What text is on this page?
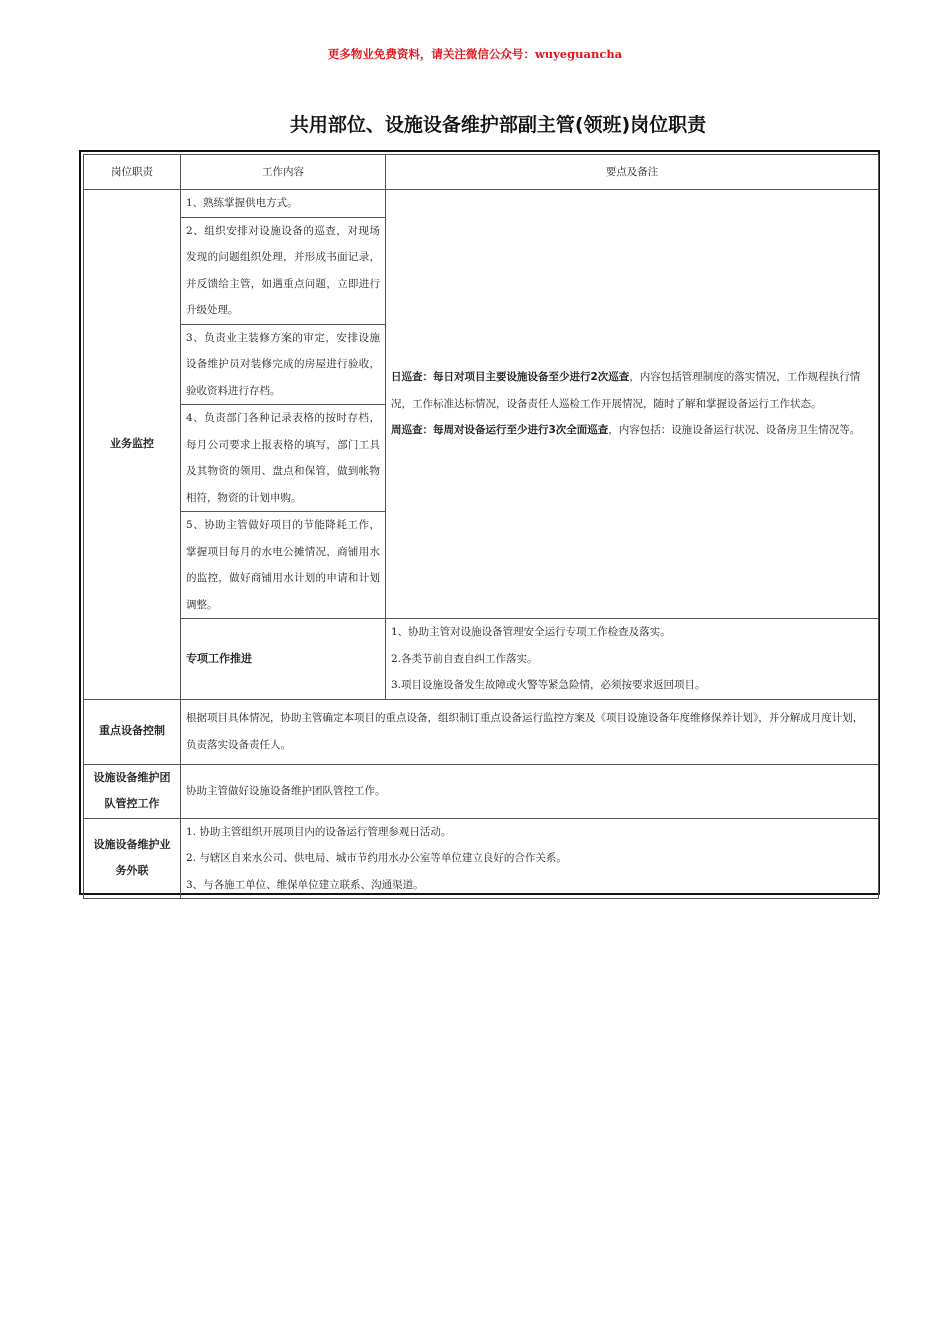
更多物业免费资料，请关注微信公众号：wuyeguancha
共用部位、设施设备维护部副主管(领班)岗位职责
岗位职责	工作内容	要点及备注
业务监控	1、熟练掌握供电方式。	日巡查：每日对项目主要设施设备至少进行2次巡查，内容包括管理制度的落实情况，工作规程执行情况，工作标准达标情况，设备责任人巡检工作开展情况，随时了解和掌握设备运行工作状态。

周巡查：每周对设备运行至少进行3次全面巡查，内容包括：设施设备运行状况、设备房卫生情况等。

	2、组织安排对设施设备的巡查，对现场发现的问题组织处理，并形成书面记录，并反馈给主管，如遇重点问题，立即进行升级处理。	
	3、负责业主装修方案的审定，安排设施设备维护员对装修完成的房屋进行验收，验收资料进行存档。	
	4、负责部门各种记录表格的按时存档，每月公司要求上报表格的填写，部门工具及其物资的领用、盘点和保管，做到帐物相符，物资的计划申购。	
	5、协助主管做好项目的节能降耗工作，掌握项目每月的水电公摊情况，商铺用水的监控，做好商铺用水计划的申请和计划调整。	
	专项工作推进	1、协助主管对设施设备管理安全运行专项工作检查及落实。

2.各类节前自查自纠工作落实。

3.项目设施设备发生故障或火警等紧急险情，必须按要求返回项目。

重点设备控制	根据项目具体情况，协助主管确定本项目的重点设备，组织制订重点设备运行监控方案及《项目设施设备年度维修保养计划》，并分解成月度计划，负责落实设备责任人。	
设施设备维护团队管控工作	协助主管做好设施设备维护团队管控工作。	
设施设备维护业务外联	1. 协助主管组织开展项目内的设备运行管理参观日活动。

2. 与辖区自来水公司、供电局、城市节约用水办公室等单位建立良好的合作关系。

3、与各施工单位、维保单位建立联系、沟通渠道。	
